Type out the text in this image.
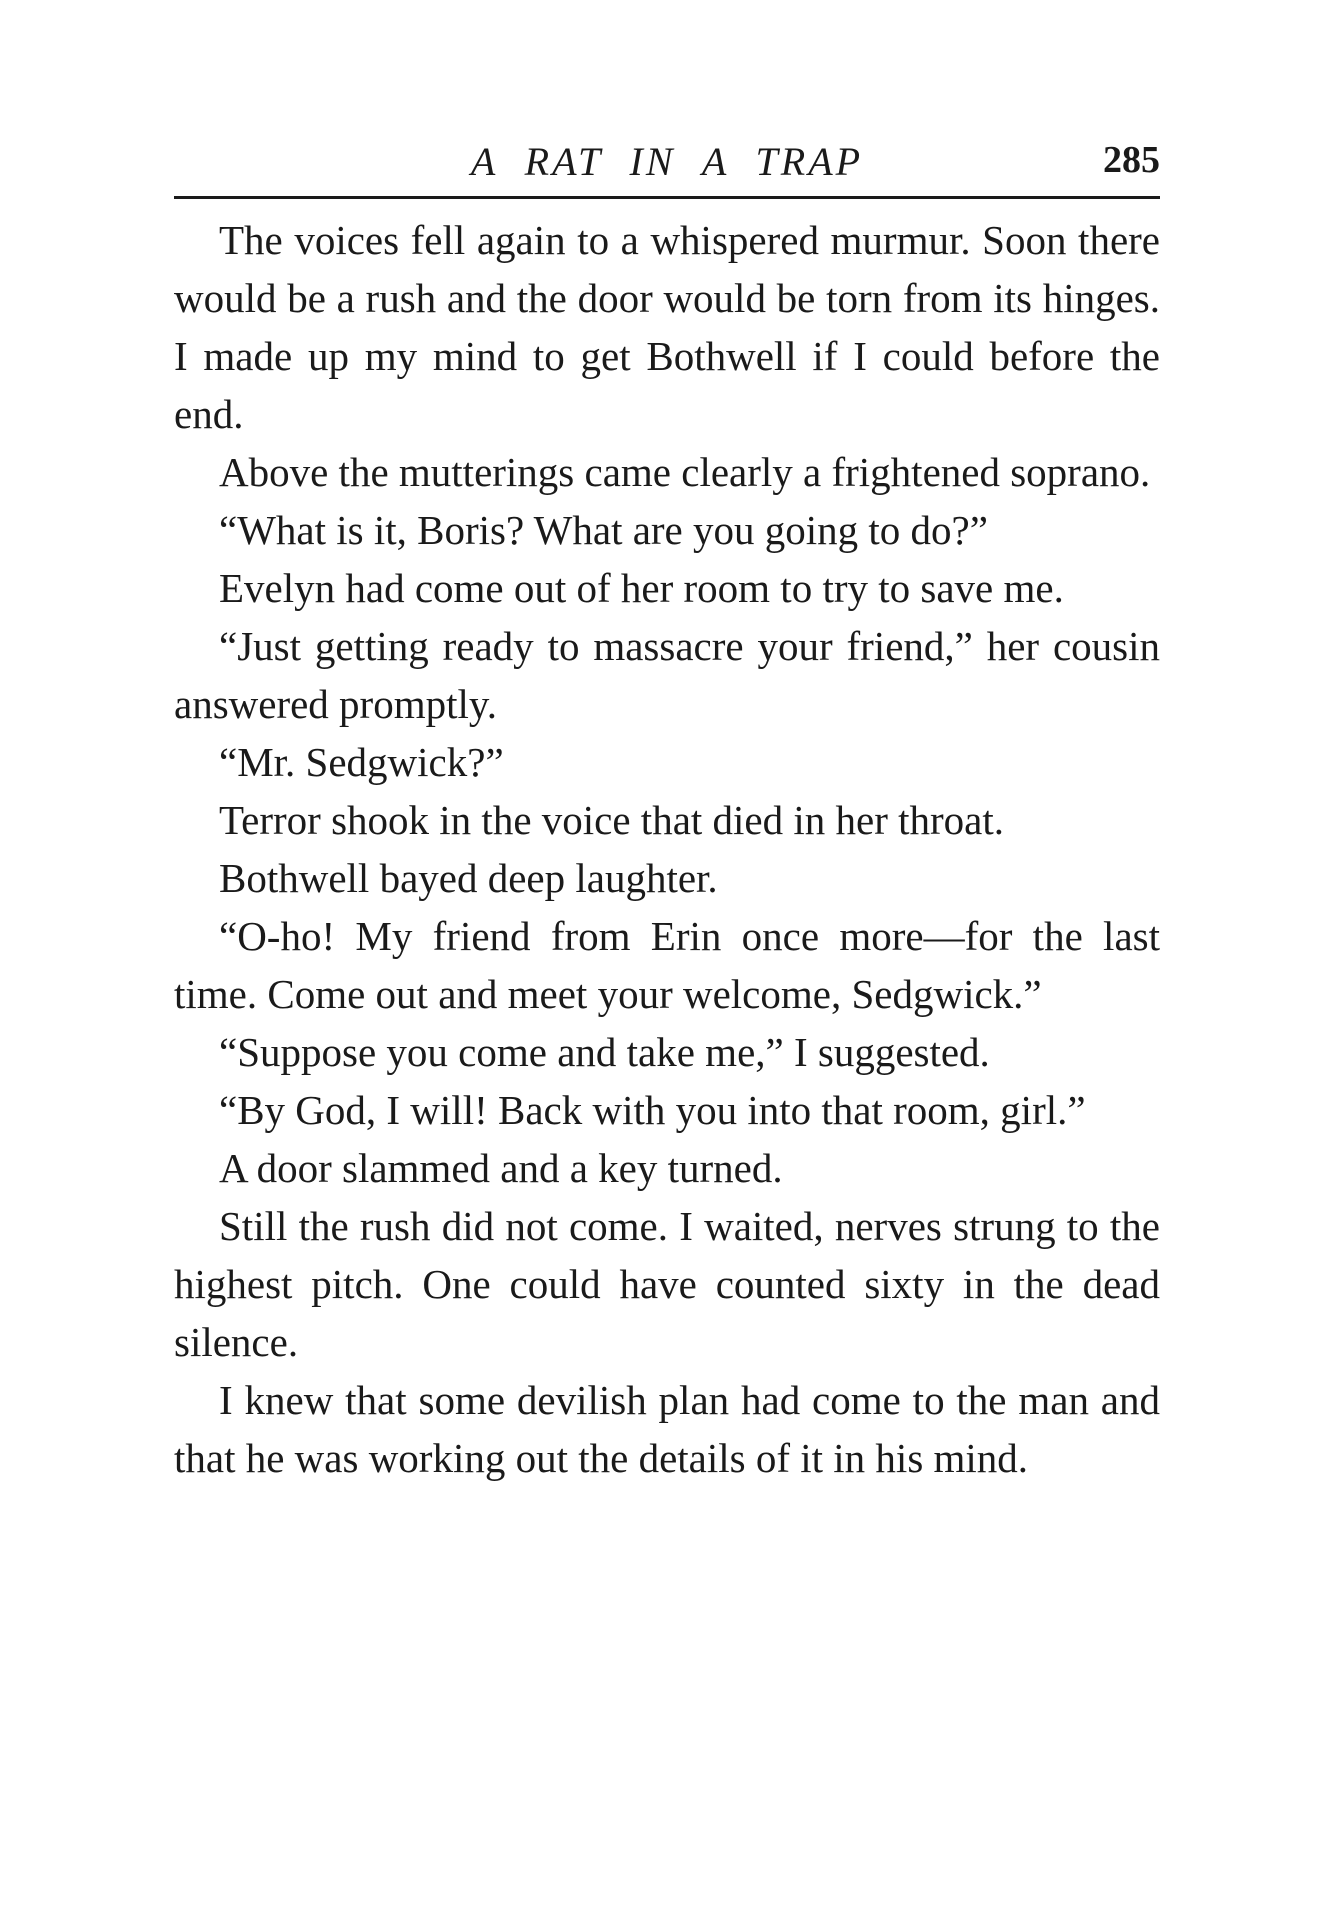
A RAT IN A TRAP	285

The voices fell again to a whispered murmur. Soon there would be a rush and the door would be torn from its hinges. I made up my mind to get Bothwell if I could before the end.

Above the mutterings came clearly a frightened soprano.

“What is it, Boris? What are you going to do?”

Evelyn had come out of her room to try to save me.

“Just getting ready to massacre your friend,” her cousin answered promptly.

“Mr. Sedgwick?”

Terror shook in the voice that died in her throat.

Bothwell bayed deep laughter.

“O-ho! My friend from Erin once more—for the last time. Come out and meet your welcome, Sedgwick.”

“Suppose you come and take me,” I suggested.

“By God, I will! Back with you into that room, girl.”

A door slammed and a key turned.

Still the rush did not come. I waited, nerves strung to the highest pitch. One could have counted sixty in the dead silence.

I knew that some devilish plan had come to the man and that he was working out the details of it in his mind.
